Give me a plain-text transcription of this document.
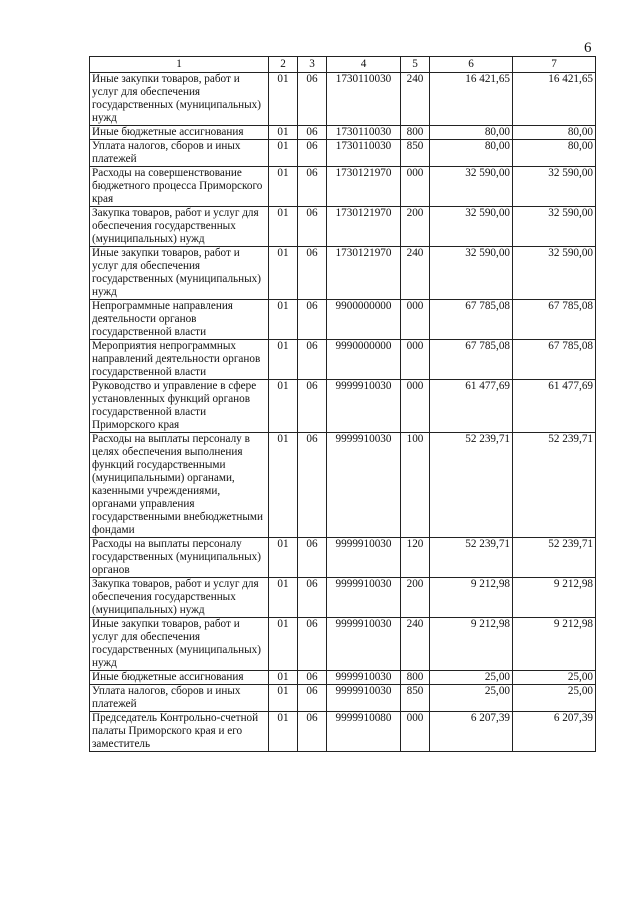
6
1	2	3	4	5	6	7
Иные закупки товаров, работ и услуг для обеспечения государственных (муниципальных) нужд	01	06	1730110030	240	16 421,65	16 421,65
Иные бюджетные ассигнования	01	06	1730110030	800	80,00	80,00
Уплата налогов, сборов и иных платежей	01	06	1730110030	850	80,00	80,00
Расходы на совершенствование бюджетного процесса Приморского края	01	06	1730121970	000	32 590,00	32 590,00
Закупка товаров, работ и услуг для обеспечения государственных (муниципальных) нужд	01	06	1730121970	200	32 590,00	32 590,00
Иные закупки товаров, работ и услуг для обеспечения государственных (муниципальных) нужд	01	06	1730121970	240	32 590,00	32 590,00
Непрограммные направления деятельности органов государственной власти	01	06	9900000000	000	67 785,08	67 785,08
Мероприятия непрограммных направлений деятельности органов государственной власти	01	06	9990000000	000	67 785,08	67 785,08
Руководство и управление в сфере установленных функций органов государственной власти Приморского края	01	06	9999910030	000	61 477,69	61 477,69
Расходы на выплаты персоналу в целях обеспечения выполнения функций государственными (муниципальными) органами, казенными учреждениями, органами управления государственными внебюджетными фондами	01	06	9999910030	100	52 239,71	52 239,71
Расходы на выплаты персоналу государственных (муниципальных) органов	01	06	9999910030	120	52 239,71	52 239,71
Закупка товаров, работ и услуг для обеспечения государственных (муниципальных) нужд	01	06	9999910030	200	9 212,98	9 212,98
Иные закупки товаров, работ и услуг для обеспечения государственных (муниципальных) нужд	01	06	9999910030	240	9 212,98	9 212,98
Иные бюджетные ассигнования	01	06	9999910030	800	25,00	25,00
Уплата налогов, сборов и иных платежей	01	06	9999910030	850	25,00	25,00
Председатель Контрольно-счетной палаты Приморского края и его заместитель	01	06	9999910080	000	6 207,39	6 207,39
